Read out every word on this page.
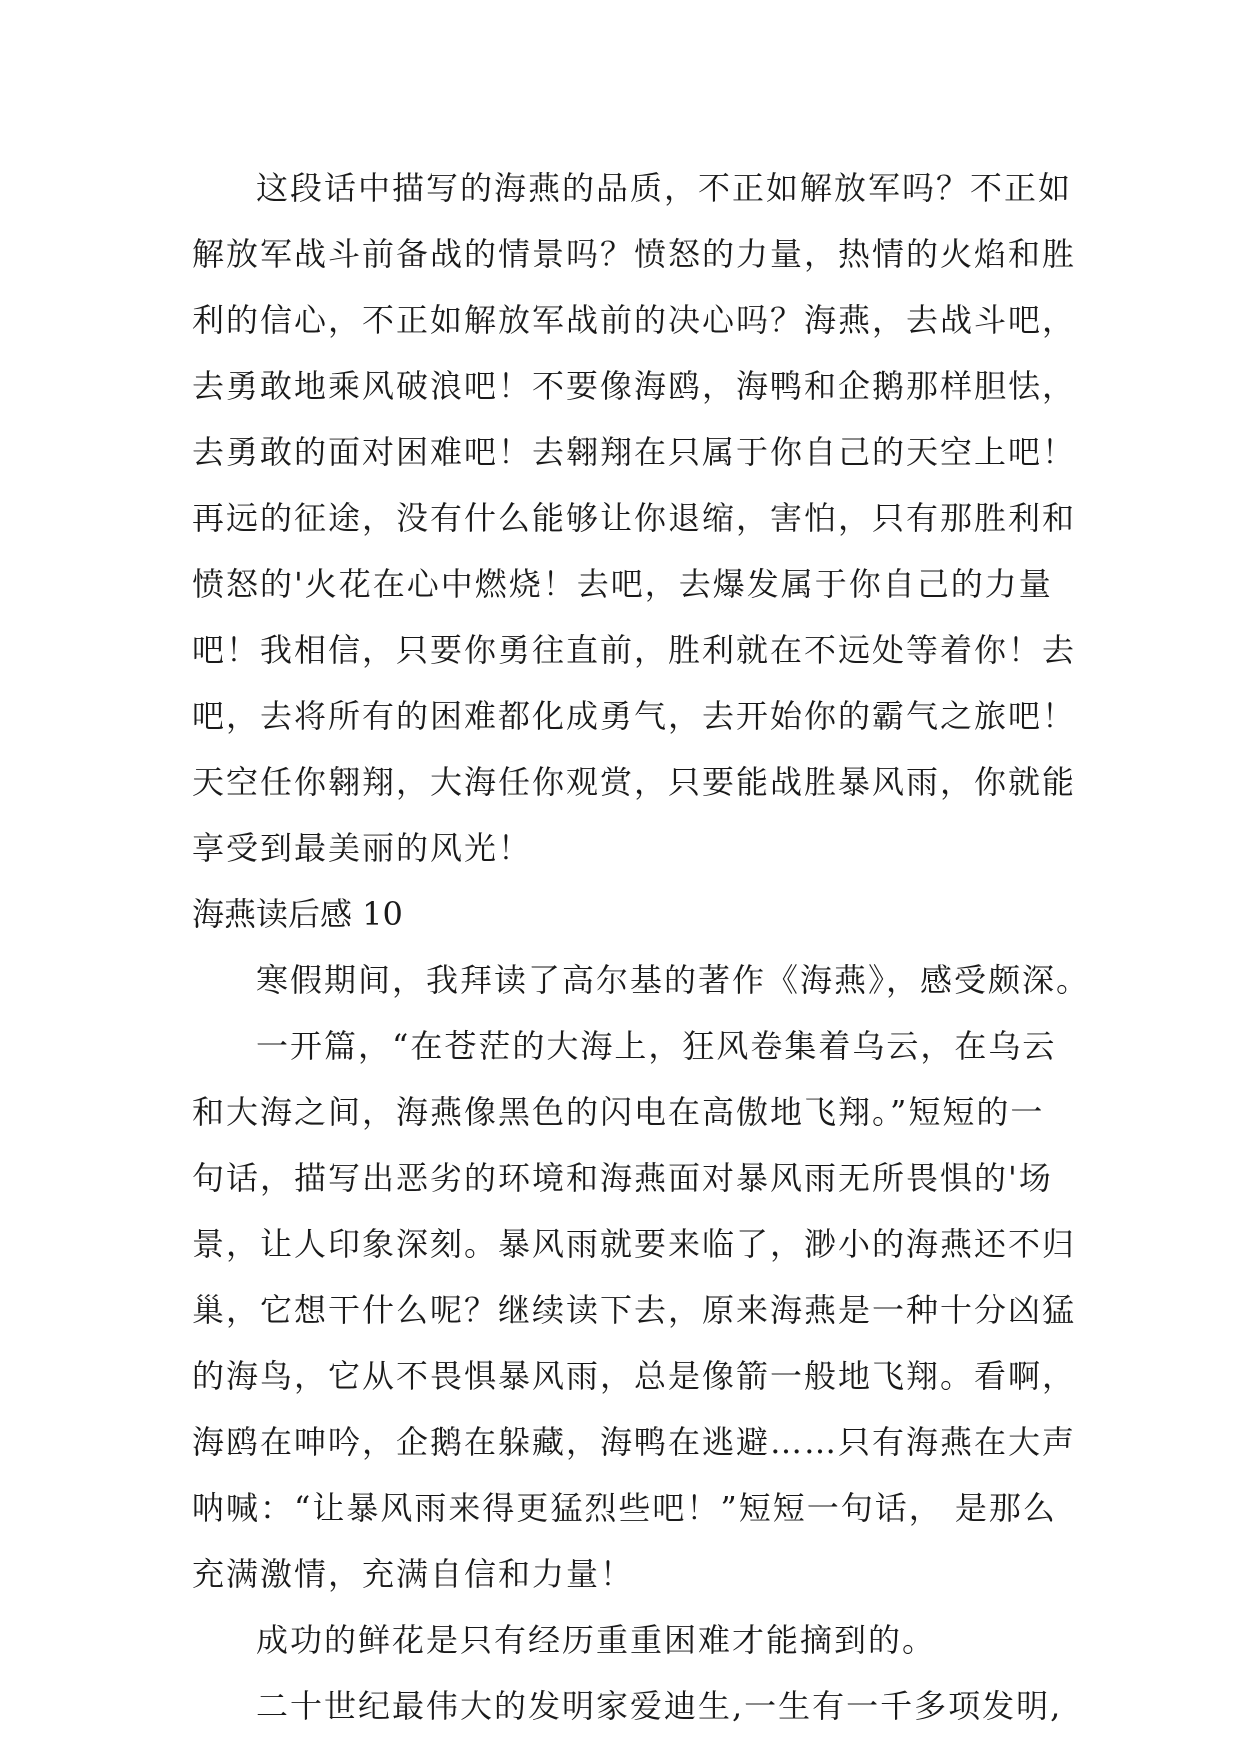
这段话中描写的海燕的品质，不正如解放军吗？不正如
解放军战斗前备战的情景吗？愤怒的力量，热情的火焰和胜
利的信心，不正如解放军战前的决心吗？海燕，去战斗吧，
去勇敢地乘风破浪吧！不要像海鸥，海鸭和企鹅那样胆怯，
去勇敢的面对困难吧！去翱翔在只属于你自己的天空上吧！
再远的征途，没有什么能够让你退缩，害怕，只有那胜利和
愤怒的'火花在心中燃烧！去吧，去爆发属于你自己的力量
吧！我相信，只要你勇往直前，胜利就在不远处等着你！去
吧，去将所有的困难都化成勇气，去开始你的霸气之旅吧！
天空任你翱翔，大海任你观赏，只要能战胜暴风雨，你就能
享受到最美丽的风光！
海燕读后感 10
寒假期间，我拜读了高尔基的著作《海燕》，感受颇深。
一开篇，“在苍茫的大海上，狂风卷集着乌云，在乌云
和大海之间，海燕像黑色的闪电在高傲地飞翔。”短短的一
句话，描写出恶劣的环境和海燕面对暴风雨无所畏惧的'场
景，让人印象深刻。暴风雨就要来临了，渺小的海燕还不归
巢，它想干什么呢？继续读下去，原来海燕是一种十分凶猛
的海鸟，它从不畏惧暴风雨，总是像箭一般地飞翔。看啊，
海鸥在呻吟，企鹅在躲藏，海鸭在逃避……只有海燕在大声
呐喊：“让暴风雨来得更猛烈些吧！”短短一句话， 是那么
充满激情，充满自信和力量！
成功的鲜花是只有经历重重困难才能摘到的。
二十世纪最伟大的发明家爱迪生,一生有一千多项发明,
